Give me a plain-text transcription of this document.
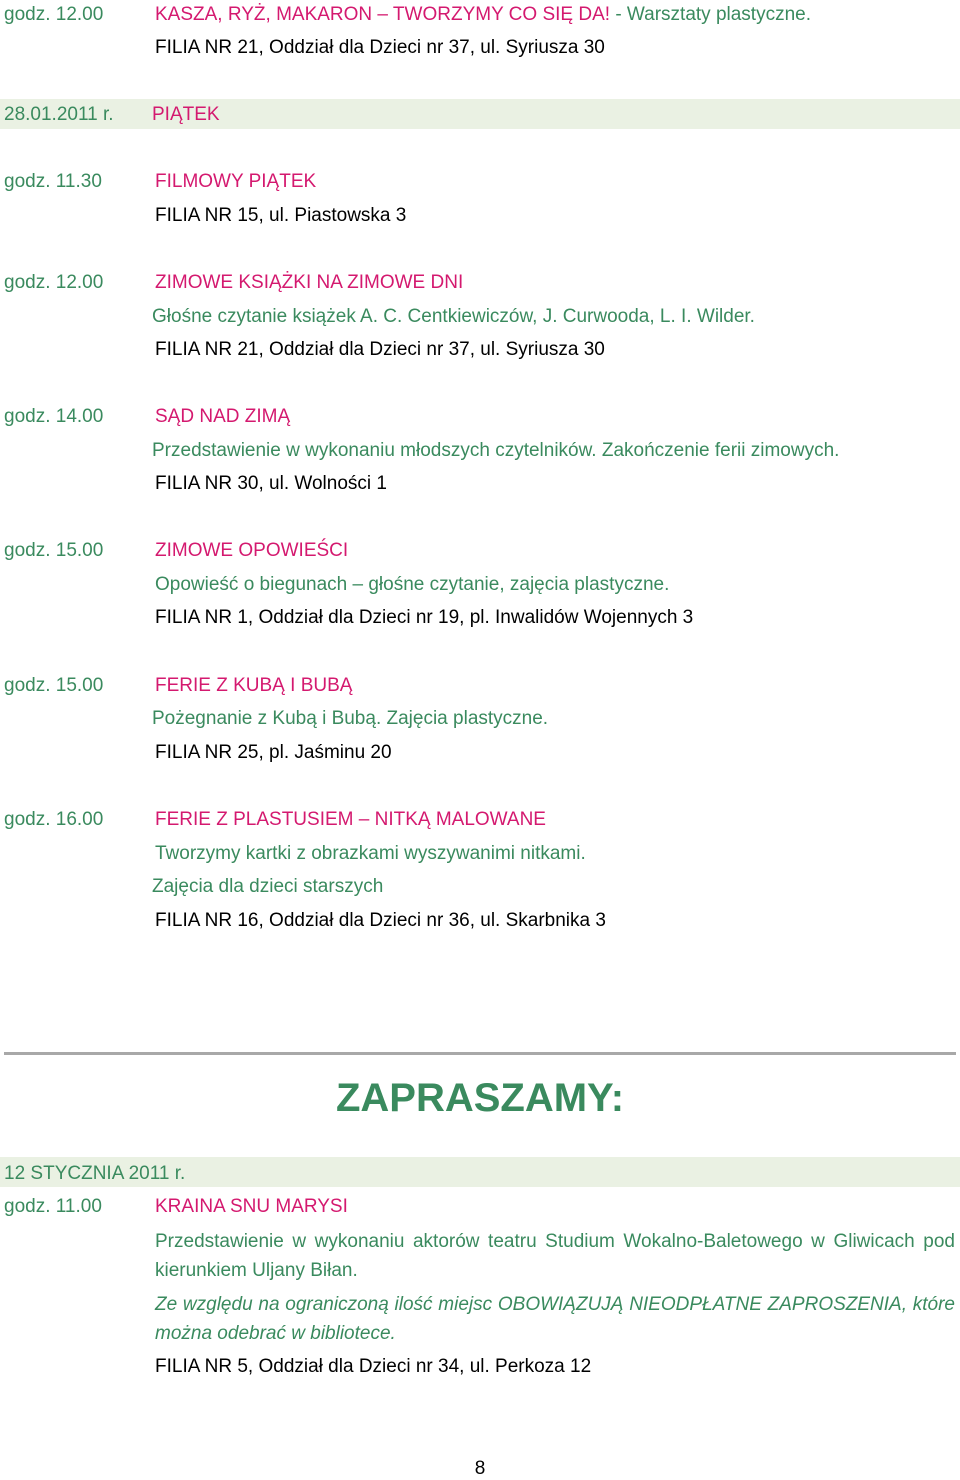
godz. 12.00	KASZA, RYŻ, MAKARON – TWORZYMY CO SIĘ DA! - Warsztaty plastyczne.
FILIA NR 21, Oddział dla Dzieci nr 37, ul. Syriusza 30
28.01.2011 r. PIĄTEK
godz. 11.30	FILMOWY PIĄTEK
FILIA NR 15, ul. Piastowska 3
godz. 12.00	ZIMOWE KSIĄŻKI NA ZIMOWE DNI
Głośne czytanie książek A. C. Centkiewiczów, J. Curwooda, L. I. Wilder.
FILIA NR 21, Oddział dla Dzieci nr 37, ul. Syriusza 30
godz. 14.00	SĄD NAD ZIMĄ
Przedstawienie w wykonaniu młodszych czytelników. Zakończenie ferii zimowych.
FILIA NR 30, ul. Wolności 1
godz. 15.00	ZIMOWE OPOWIEŚCI
Opowieść o biegunach – głośne czytanie, zajęcia plastyczne.
FILIA NR 1, Oddział dla Dzieci nr 19, pl. Inwalidów Wojennych 3
godz. 15.00	FERIE Z KUBĄ I BUBĄ
Pożegnanie z Kubą i Bubą. Zajęcia plastyczne.
FILIA NR 25, pl. Jaśminu 20
godz. 16.00	FERIE Z PLASTUSIEM – NITKĄ MALOWANE
Tworzymy kartki z obrazkami wyszywanimi nitkami.
Zajęcia dla dzieci starszych
FILIA NR 16, Oddział dla Dzieci nr 36, ul. Skarbnika 3
ZAPRASZAMY:
12 STYCZNIA 2011 r.
godz. 11.00	KRAINA SNU MARYSI
Przedstawienie w wykonaniu aktorów teatru Studium Wokalno-Baletowego w Gliwicach pod kierunkiem Uljany Biłan.
Ze względu na ograniczoną ilość miejsc OBOWIĄZUJĄ NIEODPŁATNE ZAPROSZENIA, które można odebrać w bibliotece.
FILIA NR 5, Oddział dla Dzieci nr 34, ul. Perkoza 12
8
